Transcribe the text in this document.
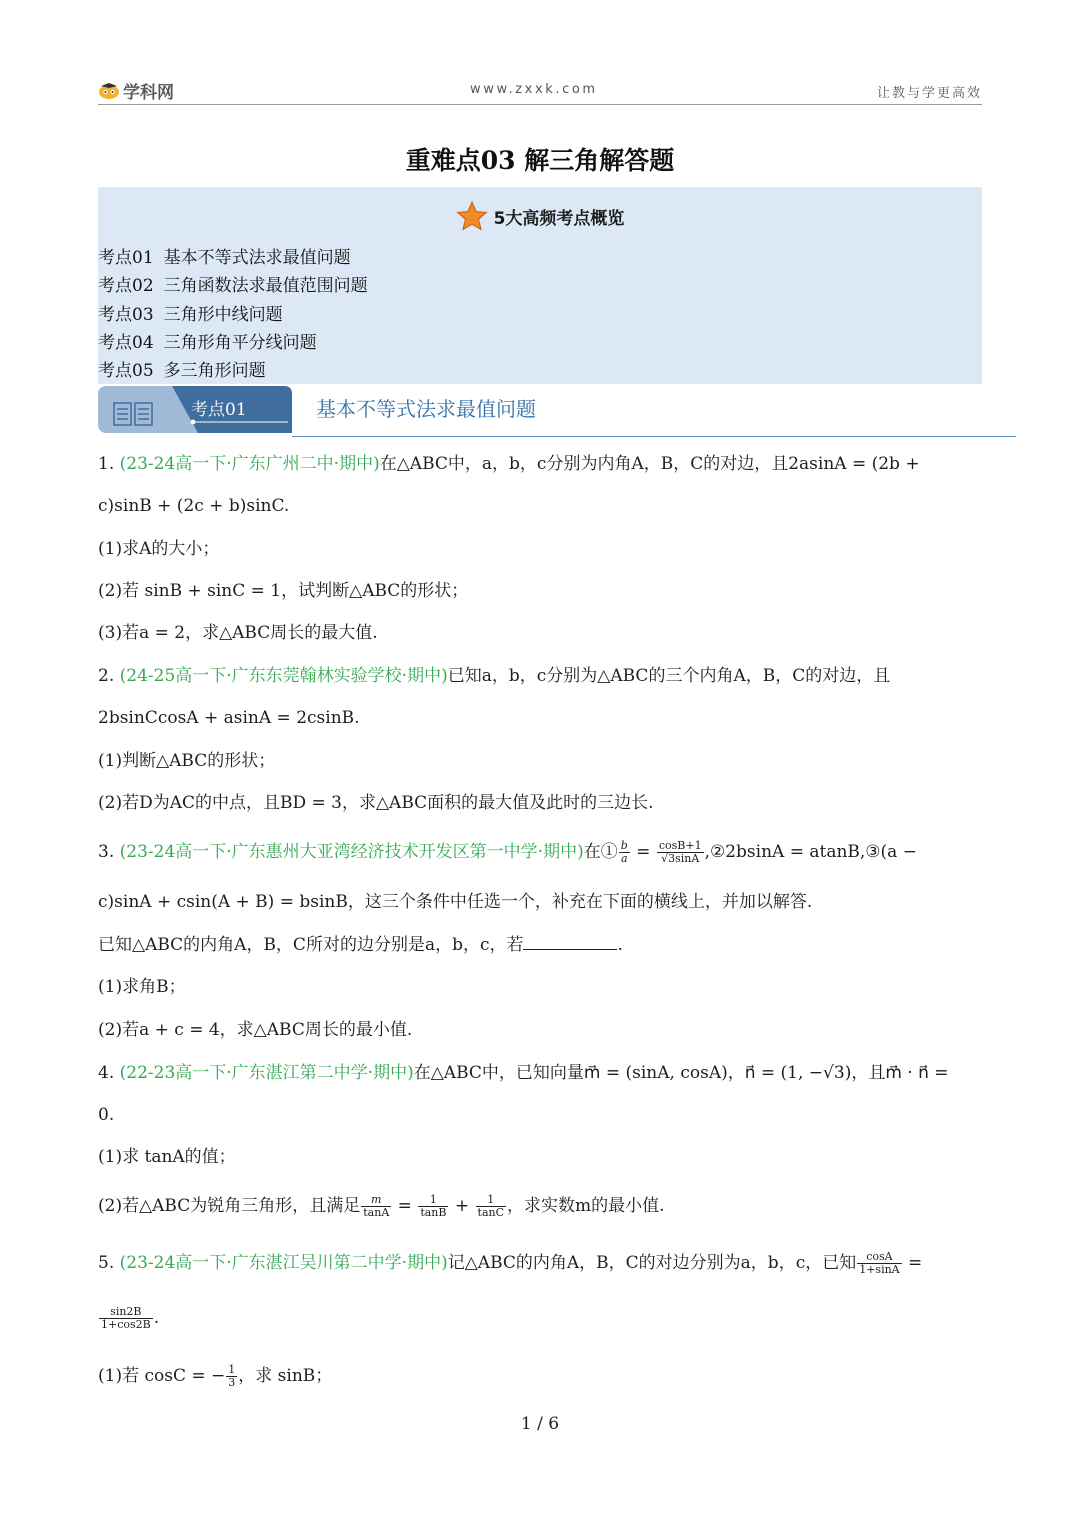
学科网	www.zxxk.com	让教与学更高效
重难点03 解三角解答题
5大高频考点概览
考点01 基本不等式法求最值问题
考点02 三角函数法求最值范围问题
考点03 三角形中线问题
考点04 三角形角平分线问题
考点05 多三角形问题
考点01	基本不等式法求最值问题
1. (23-24高一下·广东广州二中·期中)在△ABC中，a，b，c分别为内角A，B，C的对边，且2asinA = (2b +
c)sinB + (2c + b)sinC.
(1)求A的大小；
(2)若 sinB + sinC = 1，试判断△ABC的形状；
(3)若a = 2，求△ABC周长的最大值.
2. (24-25高一下·广东东莞翰林实验学校·期中)已知a，b，c分别为△ABC的三个内角A，B，C的对边，且
2bsinCcosA + asinA = 2csinB.
(1)判断△ABC的形状；
(2)若D为AC的中点，且BD = 3，求△ABC面积的最大值及此时的三边长.
3. (23-24高一下·广东惠州大亚湾经济技术开发区第一中学·期中)在① $\frac{b}{a} = \frac{\cos B+1}{√3\sin A}$ ,②2bsinA = atanB,③(a −
c)sinA + csin(A + B) = bsinB，这三个条件中任选一个，补充在下面的横线上，并加以解答.
已知△ABC的内角A，B，C所对的边分别是a，b，c，若	.
(1)求角B；
(2)若a + c = 4，求△ABC周长的最小值.
4. (22-23高一下·广东湛江第二中学·期中)在△ABC中，已知向量m⃗ = (sinA, cosA)，n⃗ = (1, −√3)，且m⃗ · n⃗ =
0.
(1)求 tanA的值；
(2)若△ABC为锐角三角形，且满足 $\frac{m}{\tan A} = \frac{1}{\tan B} + \frac{1}{\tan C}$ ，求实数m的最小值.
5. (23-24高一下·广东湛江吴川第二中学·期中)记△ABC的内角A，B，C的对边分别为a，b，c，已知 $\frac{\cos A}{1+\sin A}$ =
$\frac{\sin 2B}{1+\cos 2B}$ .
(1)若 cosC = − $\frac{1}{3}$ ，求 sinB；
1 / 6
